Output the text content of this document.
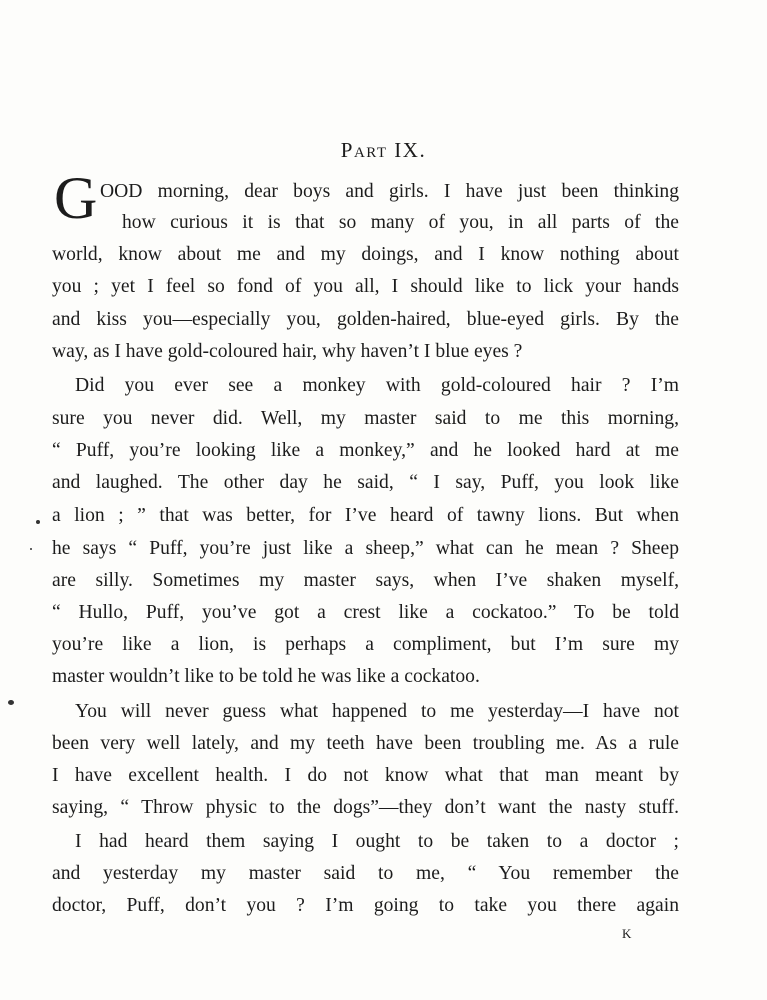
Part IX.
G OOD morning, dear boys and girls. I have just been thinking
how curious it is that so many of you, in all parts of the
world, know about me and my doings, and I know nothing about
you ; yet I feel so fond of you all, I should like to lick your hands
and kiss you—especially you, golden-haired, blue-eyed girls. By the
way, as I have gold-coloured hair, why haven’t I blue eyes ?
Did you ever see a monkey with gold-coloured hair ? I’m
sure you never did. Well, my master said to me this morning,
“ Puff, you’re looking like a monkey,” and he looked hard at me
and laughed. The other day he said, “ I say, Puff, you look like
a lion ; ” that was better, for I’ve heard of tawny lions. But when
he says “ Puff, you’re just like a sheep,” what can he mean ? Sheep
are silly. Sometimes my master says, when I’ve shaken myself,
“ Hullo, Puff, you’ve got a crest like a cockatoo.” To be told
you’re like a lion, is perhaps a compliment, but I’m sure my
master wouldn’t like to be told he was like a cockatoo.
You will never guess what happened to me yesterday—I have not
been very well lately, and my teeth have been troubling me. As a rule
I have excellent health. I do not know what that man meant by
saying, “ Throw physic to the dogs”—they don’t want the nasty stuff.
I had heard them saying I ought to be taken to a doctor ;
and yesterday my master said to me, “ You remember the
doctor, Puff, don’t you ? I’m going to take you there again
K
